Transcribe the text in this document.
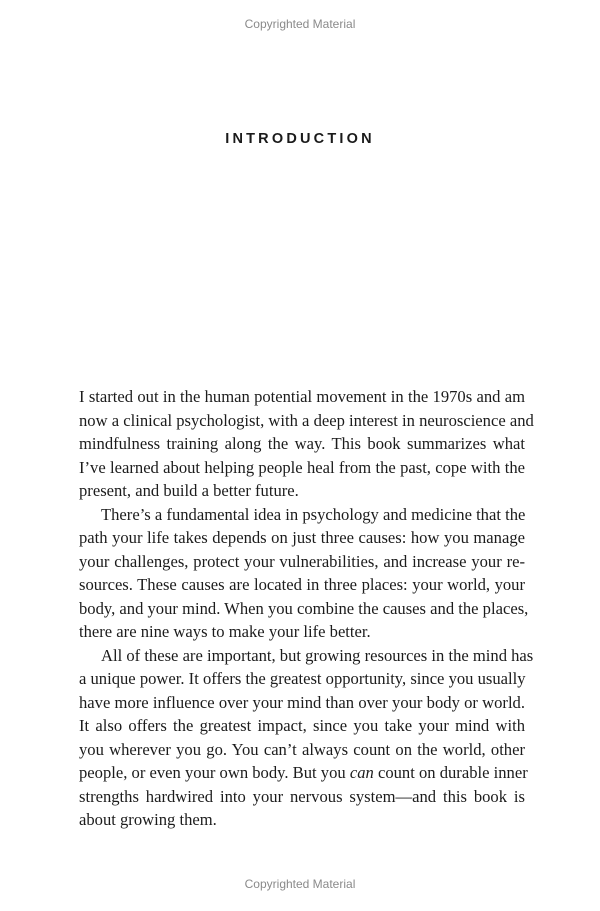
Copyrighted Material
INTRODUCTION
I started out in the human potential movement in the 1970s and am
now a clinical psychologist, with a deep interest in neuroscience and
mindfulness training along the way. This book summarizes what
I’ve learned about helping people heal from the past, cope with the
present, and build a better future.
There’s a fundamental idea in psychology and medicine that the
path your life takes depends on just three causes: how you manage
your challenges, protect your vulnerabilities, and increase your re-
sources. These causes are located in three places: your world, your
body, and your mind. When you combine the causes and the places,
there are nine ways to make your life better.
All of these are important, but growing resources in the mind has
a unique power. It offers the greatest opportunity, since you usually
have more influence over your mind than over your body or world.
It also offers the greatest impact, since you take your mind with
you wherever you go. You can’t always count on the world, other
people, or even your own body. But you can count on durable inner
strengths hardwired into your nervous system—and this book is
about growing them.
Copyrighted Material
